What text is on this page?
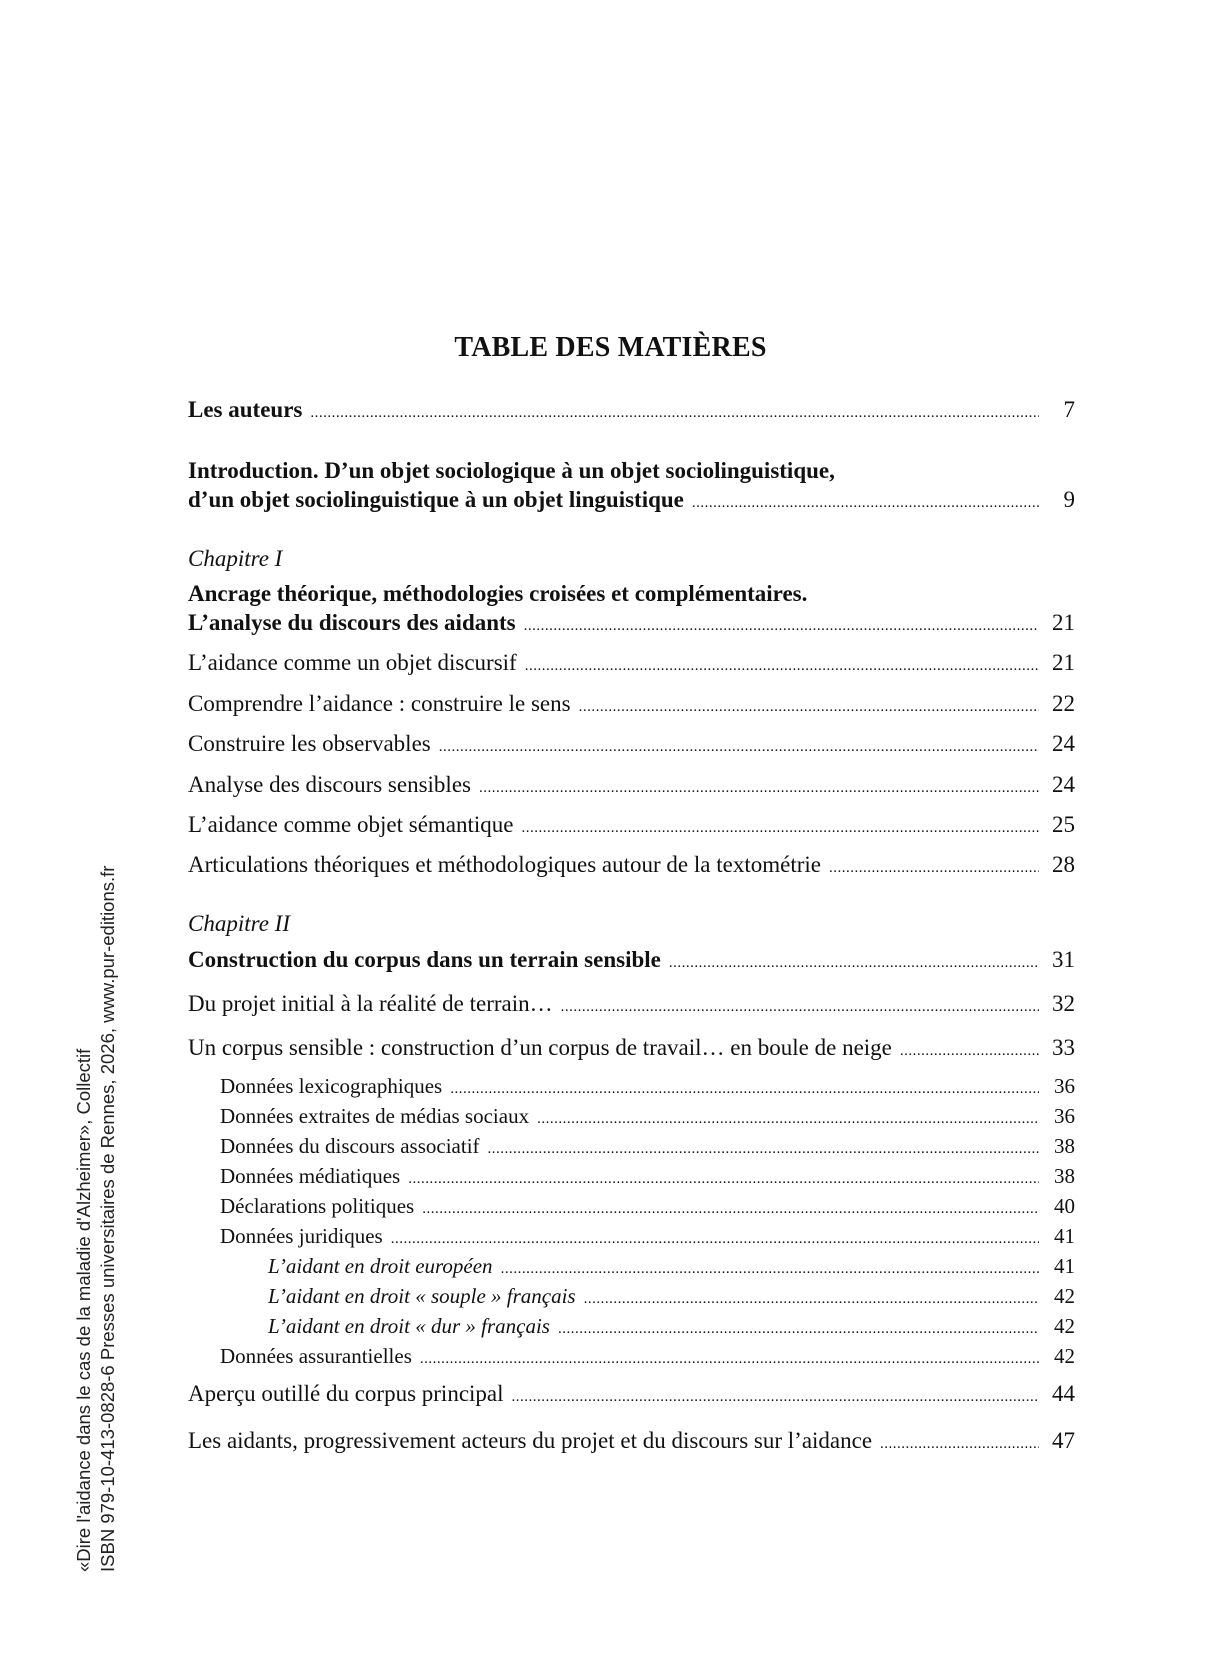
TABLE DES MATIÈRES
Les auteurs .....	7
Introduction. D’un objet sociologique à un objet sociolinguistique,
d’un objet sociolinguistique à un objet linguistique .....	9
Chapitre I
Ancrage théorique, méthodologies croisées et complémentaires.
L’analyse du discours des aidants .....	21
L’aidance comme un objet discursif .....	21
Comprendre l’aidance : construire le sens .....	22
Construire les observables .....	24
Analyse des discours sensibles .....	24
L’aidance comme objet sémantique .....	25
Articulations théoriques et méthodologiques autour de la textométrie .....	28
Chapitre II
Construction du corpus dans un terrain sensible .....	31
Du projet initial à la réalité de terrain… .....	32
Un corpus sensible : construction d’un corpus de travail… en boule de neige .....	33
Données lexicographiques .....	36
Données extraites de médias sociaux .....	36
Données du discours associatif .....	38
Données médiatiques .....	38
Déclarations politiques .....	40
Données juridiques .....	41
L’aidant en droit européen .....	41
L’aidant en droit « souple » français .....	42
L’aidant en droit « dur » français .....	42
Données assurantielles .....	42
Aperçu outillé du corpus principal .....	44
Les aidants, progressivement acteurs du projet et du discours sur l’aidance .....	47
«Dire l'aidance dans le cas de la maladie d'Alzheimer», Collectif ISBN 979-10-413-0828-6 Presses universitaires de Rennes, 2026, www.pur-editions.fr
